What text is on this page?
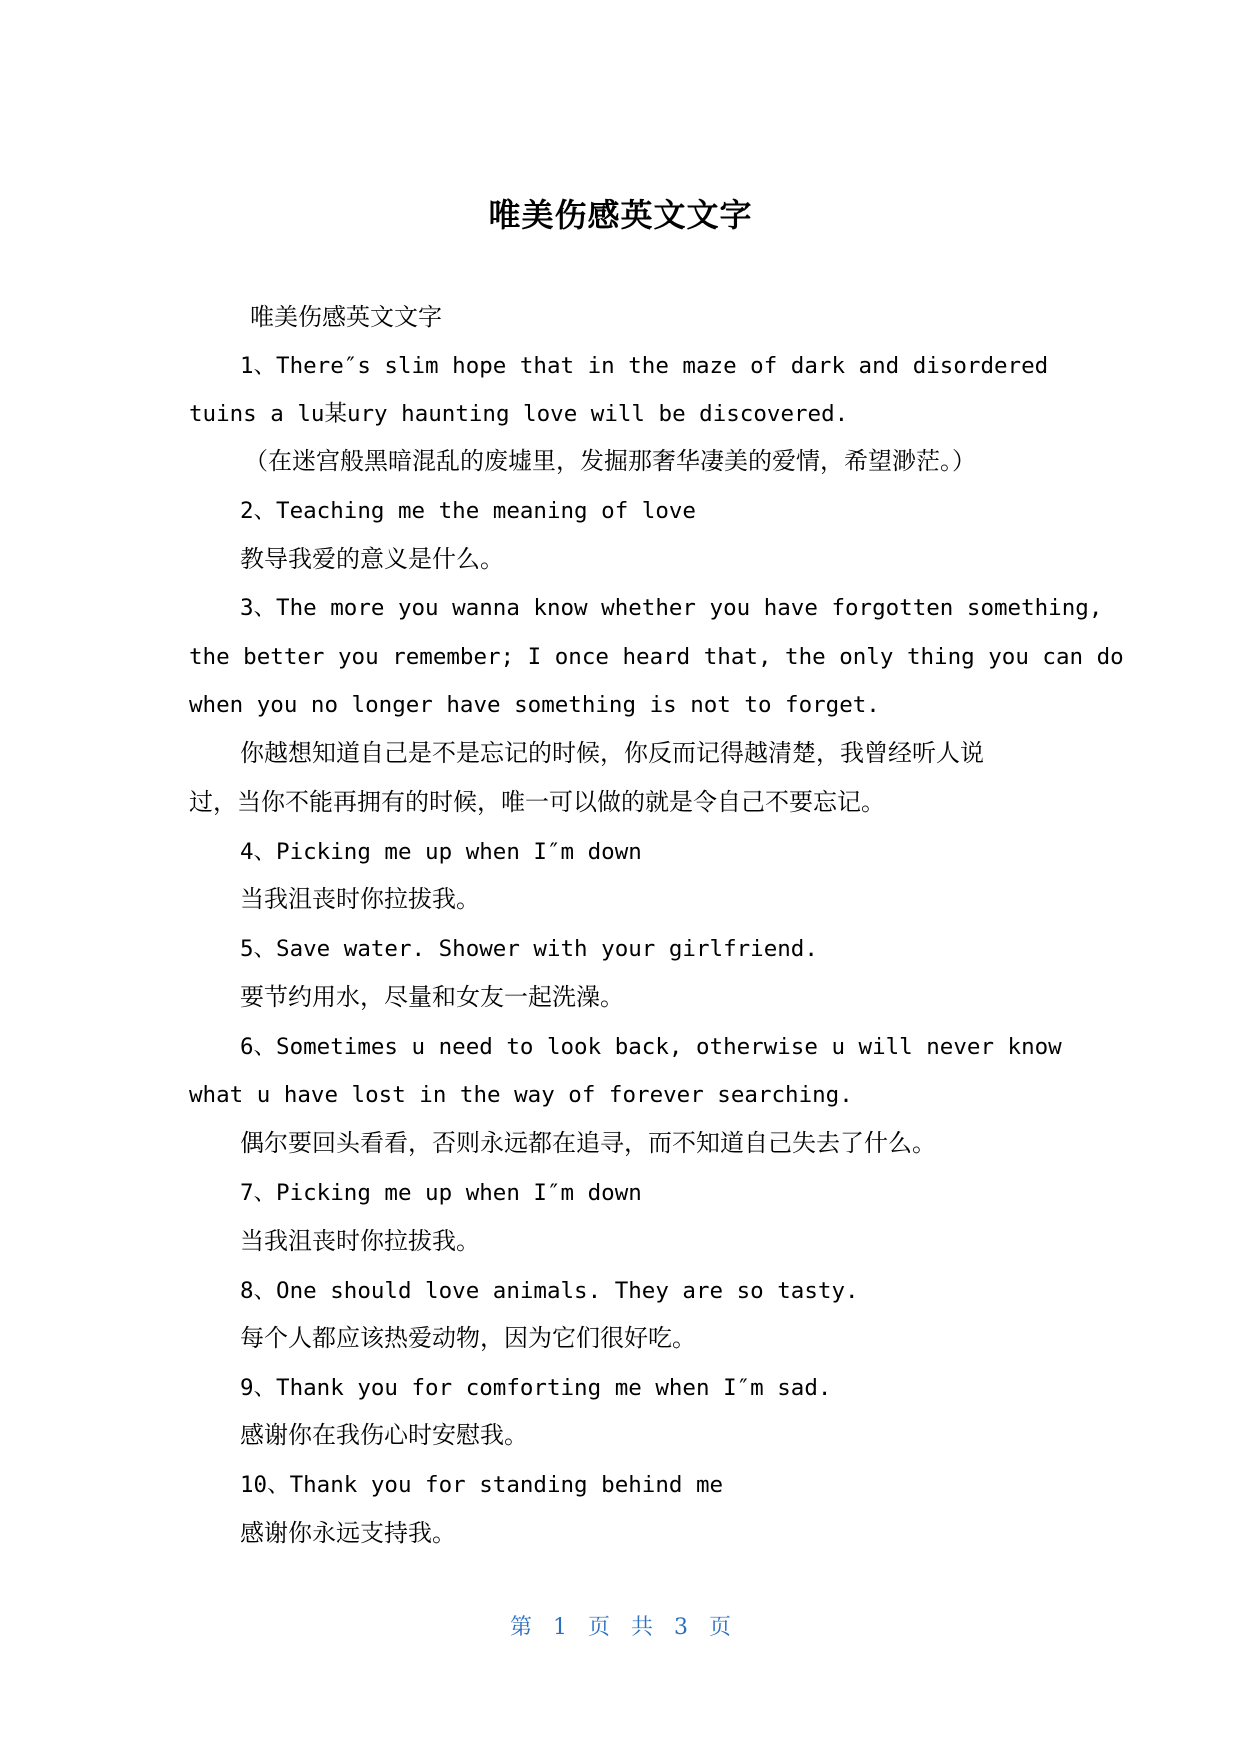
唯美伤感英文文字
唯美伤感英文文字
1、There″s slim hope that in the maze of dark and disordered
tuins a lu某ury haunting love will be discovered.
（在迷宫般黑暗混乱的废墟里，发掘那奢华凄美的爱情，希望渺茫。）
2、Teaching me the meaning of love
教导我爱的意义是什么。
3、The more you wanna know whether you have forgotten something,
the better you remember; I once heard that, the only thing you can do
when you no longer have something is not to forget.
你越想知道自己是不是忘记的时候，你反而记得越清楚，我曾经听人说
过，当你不能再拥有的时候，唯一可以做的就是令自己不要忘记。
4、Picking me up when I″m down
当我沮丧时你拉拔我。
5、Save water. Shower with your girlfriend.
要节约用水，尽量和女友一起洗澡。
6、Sometimes u need to look back, otherwise u will never know
what u have lost in the way of forever searching.
偶尔要回头看看，否则永远都在追寻，而不知道自己失去了什么。
7、Picking me up when I″m down
当我沮丧时你拉拔我。
8、One should love animals. They are so tasty.
每个人都应该热爱动物，因为它们很好吃。
9、Thank you for comforting me when I″m sad.
感谢你在我伤心时安慰我。
10、Thank you for standing behind me
感谢你永远支持我。
第 1 页 共 3 页
